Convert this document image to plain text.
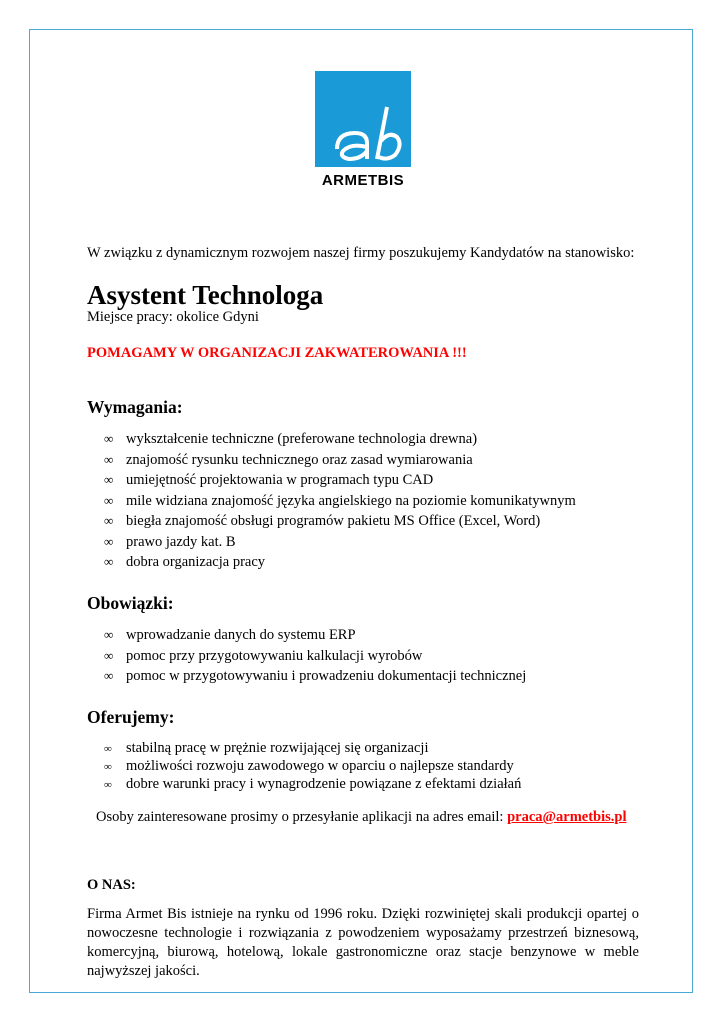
ARMETBIS
W związku z dynamicznym rozwojem naszej firmy poszukujemy Kandydatów na stanowisko:
Asystent Technologa
Miejsce pracy: okolice Gdyni
POMAGAMY W ORGANIZACJI ZAKWATEROWANIA !!!
Wymagania:
∞ wykształcenie techniczne (preferowane technologia drewna)
∞ znajomość rysunku technicznego oraz zasad wymiarowania
∞ umiejętność projektowania w programach typu CAD
∞ mile widziana znajomość języka angielskiego na poziomie komunikatywnym
∞ biegła znajomość obsługi programów pakietu MS Office (Excel, Word)
∞ prawo jazdy kat. B
∞ dobra organizacja pracy
Obowiązki:
∞ wprowadzanie danych do systemu ERP
∞ pomoc przy przygotowywaniu kalkulacji wyrobów
∞ pomoc w przygotowywaniu i prowadzeniu dokumentacji technicznej
Oferujemy:
∞ stabilną pracę w prężnie rozwijającej się organizacji
∞ możliwości rozwoju zawodowego w oparciu o najlepsze standardy
∞ dobre warunki pracy i wynagrodzenie powiązane z efektami działań
Osoby zainteresowane prosimy o przesyłanie aplikacji na adres email: praca@armetbis.pl
O NAS:
Firma Armet Bis istnieje na rynku od 1996 roku. Dzięki rozwiniętej skali produkcji opartej o nowoczesne technologie i rozwiązania z powodzeniem wyposażamy przestrzeń biznesową, komercyjną, biurową, hotelową, lokale gastronomiczne oraz stacje benzynowe w meble najwyższej jakości.
